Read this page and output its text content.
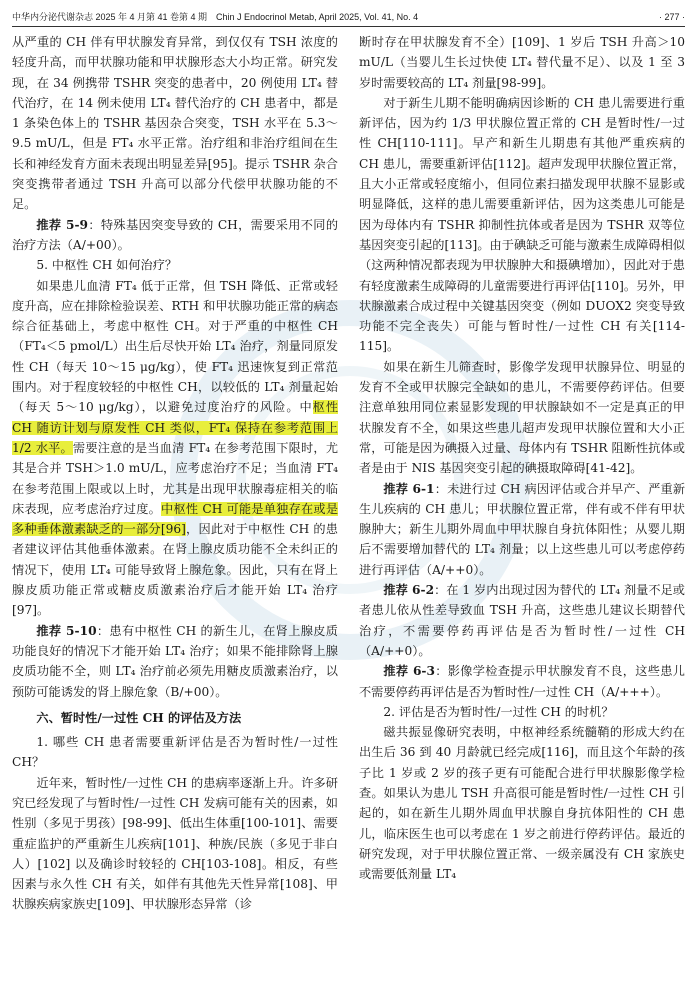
中华内分泌代谢杂志 2025 年 4 月第 41 卷第 4 期　Chin J Endocrinol Metab, April 2025, Vol. 41, No. 4	· 277 ·

从严重的 CH 伴有甲状腺发育异常，到仅仅有 TSH 浓度的轻度升高，而甲状腺功能和甲状腺形态大小均正常。研究发现，在 34 例携带 TSHR 突变的患者中，20 例使用 LT₄ 替代治疗，在 14 例未使用 LT₄ 替代治疗的 CH 患者中，都是 1 条染色体上的 TSHR 基因杂合突变，TSH 水平在 5.3～9.5 mU/L，但是 FT₄ 水平正常。治疗组和非治疗组间在生长和神经发育方面未表现出明显差异[95]。提示 TSHR 杂合突变携带者通过 TSH 升高可以部分代偿甲状腺功能的不足。

推荐 5-9：特殊基因突变导致的 CH，需要采用不同的治疗方法（A/+00）。

5. 中枢性 CH 如何治疗？

如果患儿血清 FT₄ 低于正常，但 TSH 降低、正常或轻度升高，应在排除检验误差、RTH 和甲状腺功能正常的病态综合征基础上，考虑中枢性 CH。对于严重的中枢性 CH（FT₄＜5 pmol/L）出生后尽快开始 LT₄ 治疗，剂量同原发性 CH（每天 10～15 μg/kg），使 FT₄ 迅速恢复到正常范围内。对于程度较轻的中枢性 CH，以较低的 LT₄ 剂量起始（每天 5～10 μg/kg），以避免过度治疗的风险。中枢性 CH 随访计划与原发性 CH 类似，FT₄ 保持在参考范围上 1/2 水平。需要注意的是当血清 FT₄ 在参考范围下限时，尤其是合并 TSH＞1.0 mU/L，应考虑治疗不足；当血清 FT₄ 在参考范围上限或以上时，尤其是出现甲状腺毒症相关的临床表现，应考虑治疗过度。中枢性 CH 可能是单独存在或是多种垂体激素缺乏的一部分[96]，因此对于中枢性 CH 的患者建议评估其他垂体激素。在肾上腺皮质功能不全未纠正的情况下，使用 LT₄ 可能导致肾上腺危象。因此，只有在肾上腺皮质功能正常或糖皮质激素治疗后才能开始 LT₄ 治疗[97]。

推荐 5-10：患有中枢性 CH 的新生儿，在肾上腺皮质功能良好的情况下才能开始 LT₄ 治疗；如果不能排除肾上腺皮质功能不全，则 LT₄ 治疗前必须先用糖皮质激素治疗，以预防可能诱发的肾上腺危象（B/+00）。

六、暂时性/一过性 CH 的评估及方法

1. 哪些 CH 患者需要重新评估是否为暂时性/一过性 CH？

近年来，暂时性/一过性 CH 的患病率逐渐上升。许多研究已经发现了与暂时性/一过性 CH 发病可能有关的因素，如性别（多见于男孩）[98-99]、低出生体重[100-101]、需要重症监护的严重新生儿疾病[101]、种族/民族（多见于非白人）[102] 以及确诊时较轻的 CH[103-108]。相反，有些因素与永久性 CH 有关，如伴有其他先天性异常[108]、甲状腺疾病家族史[109]、甲状腺形态异常（诊

断时存在甲状腺发育不全）[109]、1 岁后 TSH 升高＞10 mU/L（当婴儿生长过快使 LT₄ 替代量不足）、以及 1 至 3 岁时需要较高的 LT₄ 剂量[98-99]。

对于新生儿期不能明确病因诊断的 CH 患儿需要进行重新评估，因为约 1/3 甲状腺位置正常的 CH 是暂时性/一过性 CH[110-111]。早产和新生儿期患有其他严重疾病的 CH 患儿，需要重新评估[112]。超声发现甲状腺位置正常，且大小正常或轻度缩小，但同位素扫描发现甲状腺不显影或明显降低，这样的患儿需要重新评估，因为这类患儿可能是因为母体内有 TSHR 抑制性抗体或者是因为 TSHR 双等位基因突变引起的[113]。由于碘缺乏可能与激素生成障碍相似（这两种情况都表现为甲状腺肿大和摄碘增加），因此对于患有轻度激素生成障碍的儿童需要进行再评估[110]。另外，甲状腺激素合成过程中关键基因突变（例如 DUOX2 突变导致功能不完全丧失）可能与暂时性/一过性 CH 有关[114-115]。

如果在新生儿筛查时，影像学发现甲状腺异位、明显的发育不全或甲状腺完全缺如的患儿，不需要停药评估。但要注意单独用同位素显影发现的甲状腺缺如不一定是真正的甲状腺发育不全，如果这些患儿超声发现甲状腺位置和大小正常，可能是因为碘摄入过量、母体内有 TSHR 阻断性抗体或者是由于 NIS 基因突变引起的碘摄取障碍[41-42]。

推荐 6-1：未进行过 CH 病因评估或合并早产、严重新生儿疾病的 CH 患儿；甲状腺位置正常，伴有或不伴有甲状腺肿大；新生儿期外周血中甲状腺自身抗体阳性；从婴儿期后不需要增加替代的 LT₄ 剂量；以上这些患儿可以考虑停药进行再评估（A/++0）。

推荐 6-2：在 1 岁内出现过因为替代的 LT₄ 剂量不足或者患儿依从性差导致血 TSH 升高，这些患儿建议长期替代治疗，不需要停药再评估是否为暂时性/一过性 CH（A/++0）。

推荐 6-3：影像学检查提示甲状腺发育不良，这些患儿不需要停药再评估是否为暂时性/一过性 CH（A/+++）。

2. 评估是否为暂时性/一过性 CH 的时机？

磁共振显像研究表明，中枢神经系统髓鞘的形成大约在出生后 36 到 40 月龄就已经完成[116]，而且这个年龄的孩子比 1 岁或 2 岁的孩子更有可能配合进行甲状腺影像学检查。如果认为患儿 TSH 升高很可能是暂时性/一过性 CH 引起的，如在新生儿期外周血甲状腺自身抗体阳性的 CH 患儿，临床医生也可以考虑在 1 岁之前进行停药评估。最近的研究发现，对于甲状腺位置正常、一级亲属没有 CH 家族史或需要低剂量 LT₄
